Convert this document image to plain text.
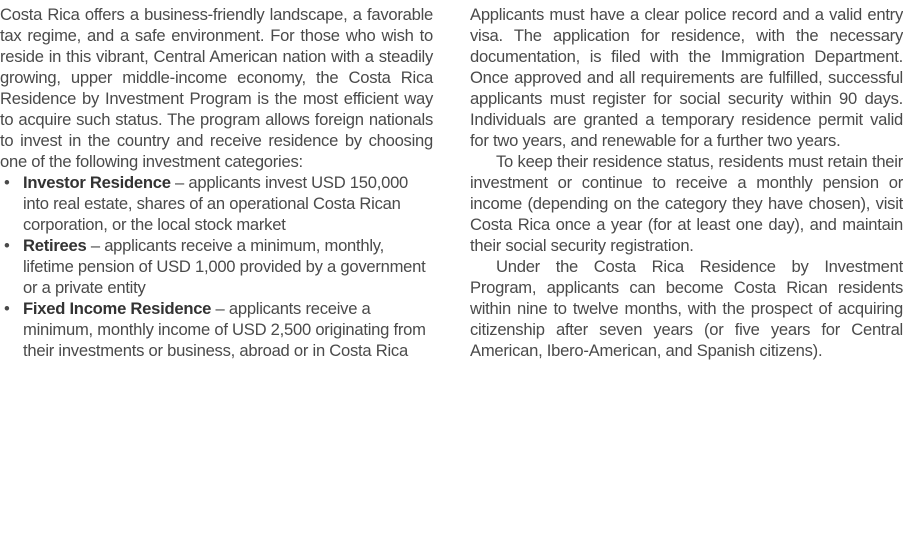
Costa Rica offers a business-friendly landscape, a favorable tax regime, and a safe environment. For those who wish to reside in this vibrant, Central American nation with a steadily growing, upper middle-income economy, the Costa Rica Residence by Investment Program is the most efficient way to acquire such status. The program allows foreign nationals to invest in the country and receive residence by choosing one of the following investment categories:

• Investor Residence – applicants invest USD 150,000 into real estate, shares of an operational Costa Rican corporation, or the local stock market
• Retirees – applicants receive a minimum, monthly, lifetime pension of USD 1,000 provided by a government or a private entity
• Fixed Income Residence – applicants receive a minimum, monthly income of USD 2,500 originating from their investments or business, abroad or in Costa Rica

Applicants must have a clear police record and a valid entry visa. The application for residence, with the necessary documentation, is filed with the Immigration Department. Once approved and all requirements are fulfilled, successful applicants must register for social security within 90 days. Individuals are granted a temporary residence permit valid for two years, and renewable for a further two years.

To keep their residence status, residents must retain their investment or continue to receive a monthly pension or income (depending on the category they have chosen), visit Costa Rica once a year (for at least one day), and maintain their social security registration.

Under the Costa Rica Residence by Investment Program, applicants can become Costa Rican residents within nine to twelve months, with the prospect of acquiring citizenship after seven years (or five years for Central American, Ibero-American, and Spanish citizens).
